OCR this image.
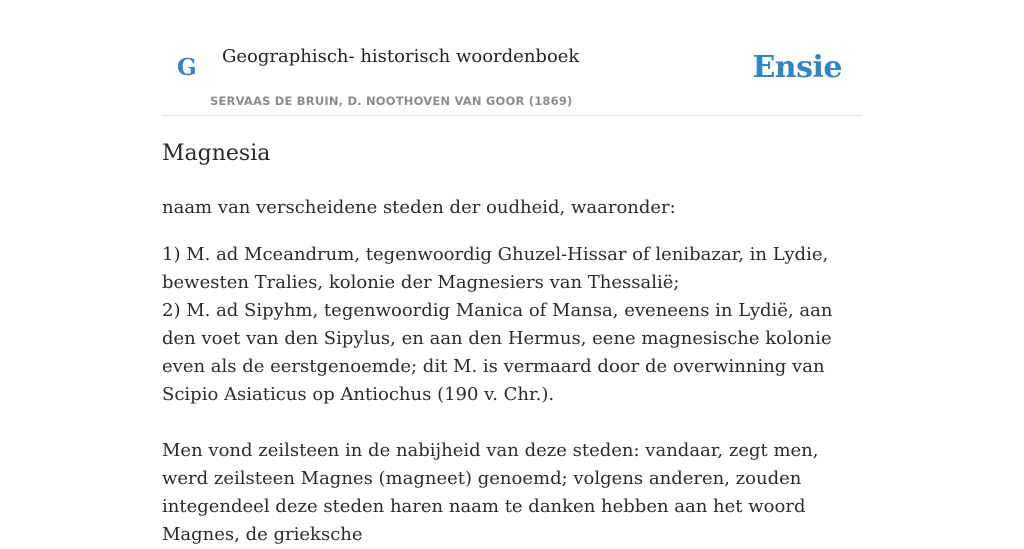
G Geographisch- historisch woordenboek
SERVAAS DE BRUIN, D. NOOTHOVEN VAN GOOR (1869)
Ensie
Magnesia

naam van verscheidene steden der oudheid, waaronder:

1) M. ad Mceandrum, tegenwoordig Ghuzel-Hissar of lenibazar, in Lydie, bewesten Tralies, kolonie der Magnesiers van Thessalië;
2) M. ad Sipyhm, tegenwoordig Manica of Mansa, eveneens in Lydië, aan den voet van den Sipylus, en aan den Hermus, eene magnesische kolonie even als de eerstgenoemde; dit M. is vermaard door de overwinning van Scipio Asiaticus op Antiochus (190 v. Chr.).

Men vond zeilsteen in de nabijheid van deze steden: vandaar, zegt men, werd zeilsteen Magnes (magneet) genoemd; volgens anderen, zouden integendeel deze steden haren naam te danken hebben aan het woord Magnes, de grieksche
